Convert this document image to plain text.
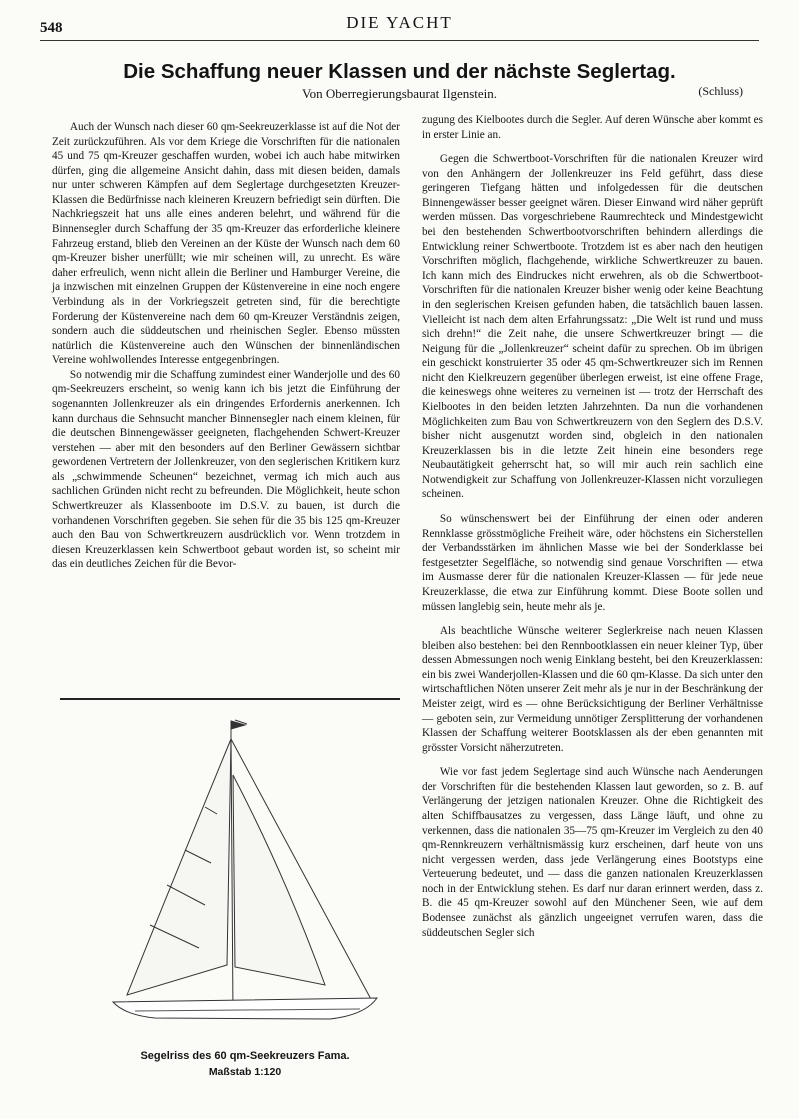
548	DIE YACHT
Die Schaffung neuer Klassen und der nächste Seglertag.
Von Oberregierungsbaurat Ilgenstein.	(Schluss)

Auch der Wunsch nach dieser 60 qm-Seekreuzerklasse ist auf die Not der Zeit zurückzuführen. Als vor dem Kriege die Vorschriften für die nationalen 45 und 75 qm-Kreuzer geschaffen wurden, wobei ich auch habe mitwirken dürfen, ging die allgemeine Ansicht dahin, dass mit diesen beiden, damals nur unter schweren Kämpfen auf dem Seglertage durchgesetzten Kreuzer-Klassen die Bedürfnisse nach kleineren Kreuzern befriedigt sein dürften. Die Nachkriegszeit hat uns alle eines anderen belehrt, und während für die Binnensegler durch Schaffung der 35 qm-Kreuzer das erforderliche kleinere Fahrzeug erstand, blieb den Vereinen an der Küste der Wunsch nach dem 60 qm-Kreuzer bisher unerfüllt; wie mir scheinen will, zu unrecht. Es wäre daher erfreulich, wenn nicht allein die Berliner und Hamburger Vereine, die ja inzwischen mit einzelnen Gruppen der Küstenvereine in eine noch engere Verbindung als in der Vorkriegszeit getreten sind, für die berechtigte Forderung der Küstenvereine nach dem 60 qm-Kreuzer Verständnis zeigen, sondern auch die süddeutschen und rheinischen Segler. Ebenso müssten natürlich die Küstenvereine auch den Wünschen der binnenländischen Vereine wohlwollendes Interesse entgegenbringen.

So notwendig mir die Schaffung zumindest einer Wanderjolle und des 60 qm-Seekreuzers erscheint, so wenig kann ich bis jetzt die Einführung der sogenannten Jollenkreuzer als ein dringendes Erfordernis anerkennen. Ich kann durchaus die Sehnsucht mancher Binnensegler nach einem kleinen, für die deutschen Binnengewässer geeigneten, flachgehenden Schwert-Kreuzer verstehen — aber mit den besonders auf den Berliner Gewässern sichtbar gewordenen Vertretern der Jollenkreuzer, von den seglerischen Kritikern kurz als „schwimmende Scheunen“ bezeichnet, vermag ich mich auch aus sachlichen Gründen nicht recht zu befreunden. Die Möglichkeit, heute schon Schwertkreuzer als Klassenboote im D.S.V. zu bauen, ist durch die vorhandenen Vorschriften gegeben. Sie sehen für die 35 bis 125 qm-Kreuzer auch den Bau von Schwertkreuzern ausdrücklich vor. Wenn trotzdem in diesen Kreuzerklassen kein Schwertboot gebaut worden ist, so scheint mir das ein deutliches Zeichen für die Bevor-

Segelriss des 60 qm-Seekreuzers Fama.
Maßstab 1:120

zugung des Kielbootes durch die Segler. Auf deren Wünsche aber kommt es in erster Linie an.

Gegen die Schwertboot-Vorschriften für die nationalen Kreuzer wird von den Anhängern der Jollenkreuzer ins Feld geführt, dass diese geringeren Tiefgang hätten und infolgedessen für die deutschen Binnengewässer besser geeignet wären. Dieser Einwand wird näher geprüft werden müssen. Das vorgeschriebene Raumrechteck und Mindestgewicht bei den bestehenden Schwertbootvorschriften behindern allerdings die Entwicklung reiner Schwertboote. Trotzdem ist es aber nach den heutigen Vorschriften möglich, flachgehende, wirkliche Schwertkreuzer zu bauen. Ich kann mich des Eindruckes nicht erwehren, als ob die Schwertboot-Vorschriften für die nationalen Kreuzer bisher wenig oder keine Beachtung in den seglerischen Kreisen gefunden haben, die tatsächlich bauen lassen. Vielleicht ist nach dem alten Erfahrungssatz: „Die Welt ist rund und muss sich drehn!“ die Zeit nahe, die unsere Schwertkreuzer bringt — die Neigung für die „Jollenkreuzer“ scheint dafür zu sprechen. Ob im übrigen ein geschickt konstruierter 35 oder 45 qm-Schwertkreuzer sich im Rennen nicht den Kielkreuzern gegenüber überlegen erweist, ist eine offene Frage, die keineswegs ohne weiteres zu verneinen ist — trotz der Herrschaft des Kielbootes in den beiden letzten Jahrzehnten. Da nun die vorhandenen Möglichkeiten zum Bau von Schwertkreuzern von den Seglern des D.S.V. bisher nicht ausgenutzt worden sind, obgleich in den nationalen Kreuzerklassen bis in die letzte Zeit hinein eine besonders rege Neubautätigkeit geherrscht hat, so will mir auch rein sachlich eine Notwendigkeit zur Schaffung von Jollenkreuzer-Klassen nicht vorzuliegen scheinen.

So wünschenswert bei der Einführung der einen oder anderen Rennklasse grösstmögliche Freiheit wäre, oder höchstens ein Sicherstellen der Verbandsstärken im ähnlichen Masse wie bei der Sonderklasse bei festgesetzter Segelfläche, so notwendig sind genaue Vorschriften — etwa im Ausmasse derer für die nationalen Kreuzer-Klassen — für jede neue Kreuzerklasse, die etwa zur Einführung kommt. Diese Boote sollen und müssen langlebig sein, heute mehr als je.

Als beachtliche Wünsche weiterer Seglerkreise nach neuen Klassen bleiben also bestehen: bei den Rennbootklassen ein neuer kleiner Typ, über dessen Abmessungen noch wenig Einklang besteht, bei den Kreuzerklassen: ein bis zwei Wanderjollen-Klassen und die 60 qm-Klasse. Da sich unter den wirtschaftlichen Nöten unserer Zeit mehr als je nur in der Beschränkung der Meister zeigt, wird es — ohne Berücksichtigung der Berliner Verhältnisse — geboten sein, zur Vermeidung unnötiger Zersplitterung der vorhandenen Klassen der Schaffung weiterer Bootsklassen als der eben genannten mit grösster Vorsicht näherzutreten.

Wie vor fast jedem Seglertage sind auch Wünsche nach Aenderungen der Vorschriften für die bestehenden Klassen laut geworden, so z. B. auf Verlängerung der jetzigen nationalen Kreuzer. Ohne die Richtigkeit des alten Schiffbausatzes zu vergessen, dass Länge läuft, und ohne zu verkennen, dass die nationalen 35—75 qm-Kreuzer im Vergleich zu den 40 qm-Rennkreuzern verhältnismässig kurz erscheinen, darf heute von uns nicht vergessen werden, dass jede Verlängerung eines Bootstyps eine Verteuerung bedeutet, und — dass die ganzen nationalen Kreuzerklassen noch in der Entwicklung stehen. Es darf nur daran erinnert werden, dass z. B. die 45 qm-Kreuzer sowohl auf den Münchener Seen, wie auf dem Bodensee zunächst als gänzlich ungeeignet verrufen waren, dass die süddeutschen Segler sich
